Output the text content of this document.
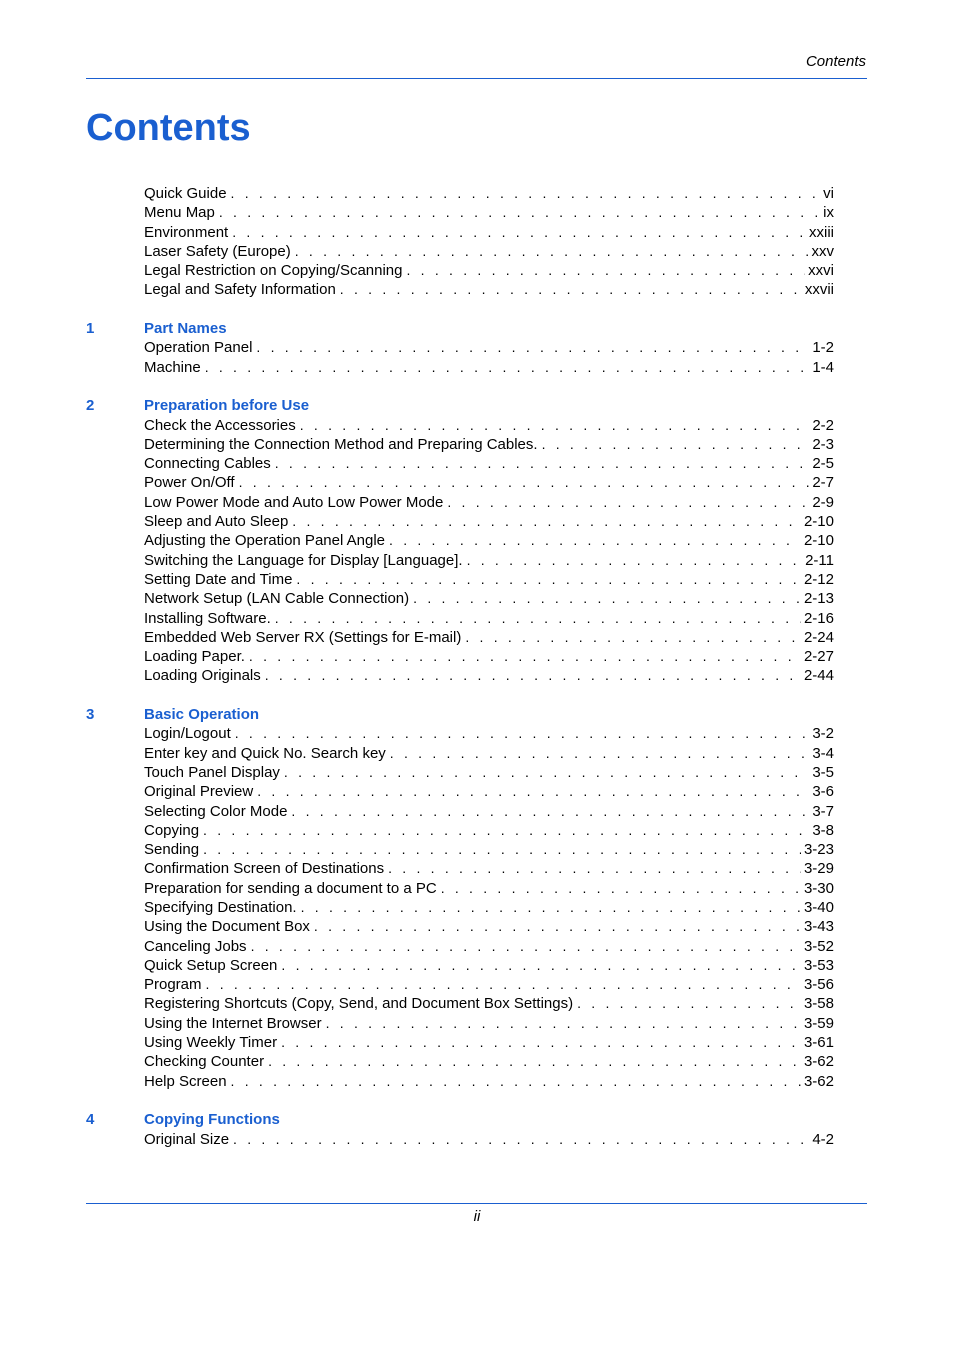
Contents
Contents
Quick Guide . . .	vi
Menu Map . . .	ix
Environment . . .	xxiii
Laser Safety (Europe) . . .	xxv
Legal Restriction on Copying/Scanning . . .	xxvi
Legal and Safety Information . . .	xxvii
1	Part Names
Operation Panel . . .	1-2
Machine . . .	1-4
2	Preparation before Use
Check the Accessories . . .	2-2
Determining the Connection Method and Preparing Cables. . . .	2-3
Connecting Cables . . .	2-5
Power On/Off . . .	2-7
Low Power Mode and Auto Low Power Mode . . .	2-9
Sleep and Auto Sleep . . .	2-10
Adjusting the Operation Panel Angle . . .	2-10
Switching the Language for Display [Language]. . . .	2-11
Setting Date and Time . . .	2-12
Network Setup (LAN Cable Connection) . . .	2-13
Installing Software. . . .	2-16
Embedded Web Server RX (Settings for E-mail) . . .	2-24
Loading Paper. . . .	2-27
Loading Originals . . .	2-44
3	Basic Operation
Login/Logout . . .	3-2
Enter key and Quick No. Search key . . .	3-4
Touch Panel Display . . .	3-5
Original Preview . . .	3-6
Selecting Color Mode . . .	3-7
Copying . . .	3-8
Sending . . .	3-23
Confirmation Screen of Destinations . . .	3-29
Preparation for sending a document to a PC . . .	3-30
Specifying Destination. . . .	3-40
Using the Document Box . . .	3-43
Canceling Jobs . . .	3-52
Quick Setup Screen . . .	3-53
Program . . .	3-56
Registering Shortcuts (Copy, Send, and Document Box Settings) . . .	3-58
Using the Internet Browser . . .	3-59
Using Weekly Timer . . .	3-61
Checking Counter . . .	3-62
Help Screen . . .	3-62
4	Copying Functions
Original Size . . .	4-2
ii
